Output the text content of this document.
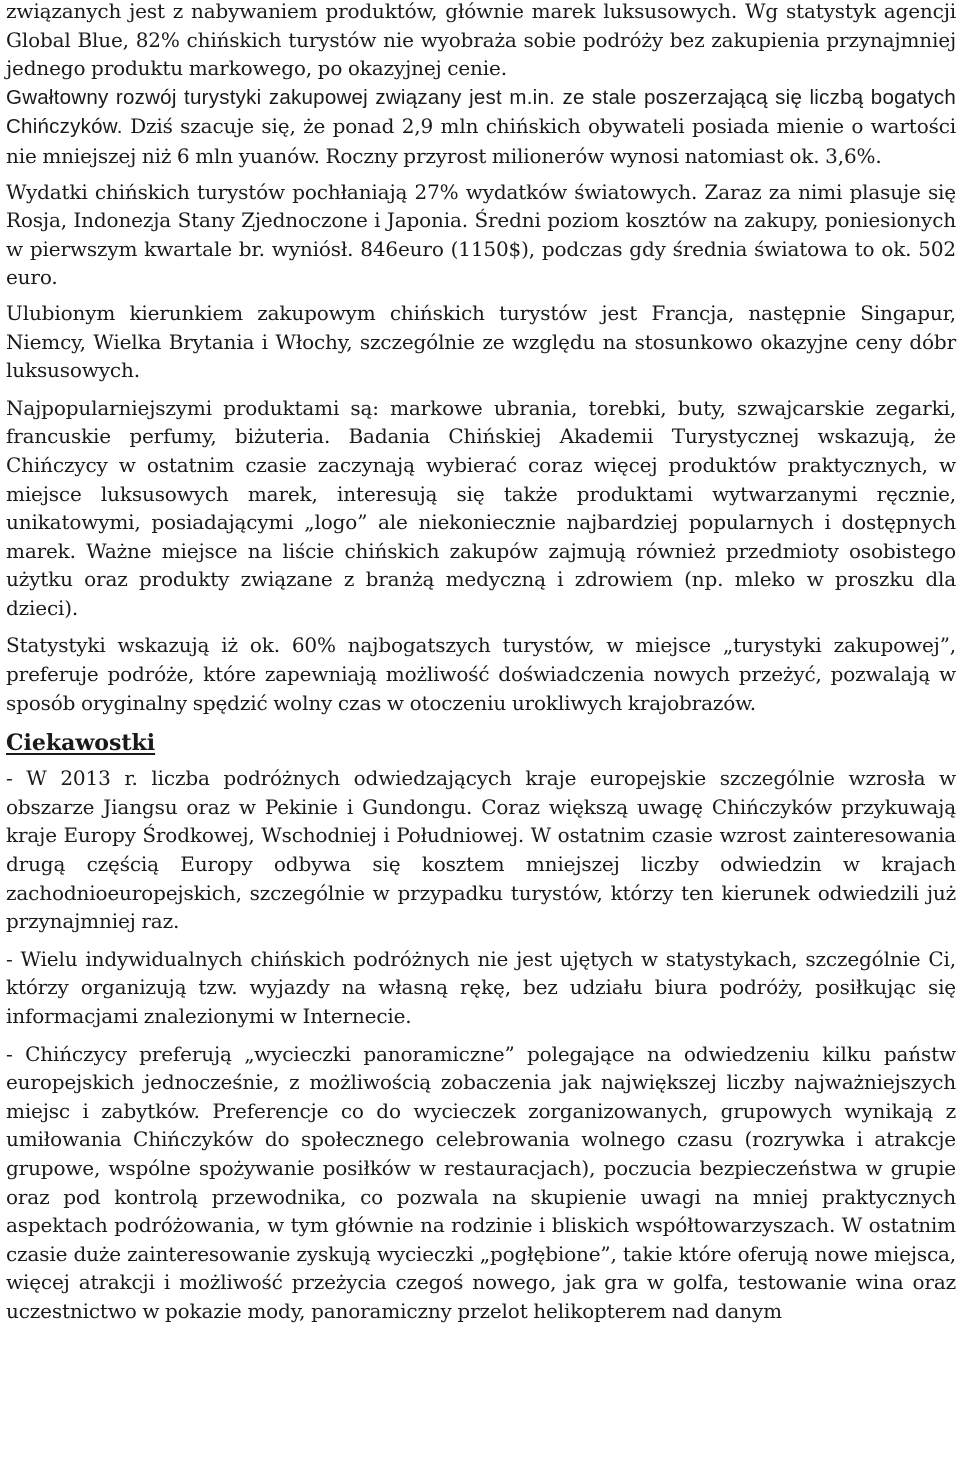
związanych jest z nabywaniem produktów, głównie marek luksusowych. Wg statystyk agencji Global Blue, 82% chińskich turystów nie wyobraża sobie podróży bez zakupienia przynajmniej jednego produktu markowego, po okazyjnej cenie.

Gwałtowny rozwój turystyki zakupowej związany jest m.in. ze stale poszerzającą się liczbą bogatych Chińczyków. Dziś szacuje się, że ponad 2,9 mln chińskich obywateli posiada mienie o wartości nie mniejszej niż 6 mln yuanów. Roczny przyrost milionerów wynosi natomiast ok. 3,6%.

Wydatki chińskich turystów pochłaniają 27% wydatków światowych. Zaraz za nimi plasuje się Rosja, Indonezja Stany Zjednoczone i Japonia. Średni poziom kosztów na zakupy, poniesionych w pierwszym kwartale br. wyniósł. 846euro (1150$), podczas gdy średnia światowa to ok. 502 euro.

Ulubionym kierunkiem zakupowym chińskich turystów jest Francja, następnie Singapur, Niemcy, Wielka Brytania i Włochy, szczególnie ze względu na stosunkowo okazyjne ceny dóbr luksusowych.

Najpopularniejszymi produktami są: markowe ubrania, torebki, buty, szwajcarskie zegarki, francuskie perfumy, biżuteria. Badania Chińskiej Akademii Turystycznej wskazują, że Chińczycy w ostatnim czasie zaczynają wybierać coraz więcej produktów praktycznych, w miejsce luksusowych marek, interesują się także produktami wytwarzanymi ręcznie, unikatowymi, posiadającymi „logo” ale niekoniecznie najbardziej popularnych i dostępnych marek. Ważne miejsce na liście chińskich zakupów zajmują również przedmioty osobistego użytku oraz produkty związane z branżą medyczną i zdrowiem (np. mleko w proszku dla dzieci).

Statystyki wskazują iż ok. 60% najbogatszych turystów, w miejsce „turystyki zakupowej”, preferuje podróże, które zapewniają możliwość doświadczenia nowych przeżyć, pozwalają w sposób oryginalny spędzić wolny czas w otoczeniu urokliwych krajobrazów.

Ciekawostki

- W 2013 r. liczba podróżnych odwiedzających kraje europejskie szczególnie wzrosła w obszarze Jiangsu oraz w Pekinie i Gundongu. Coraz większą uwagę Chińczyków przykuwają kraje Europy Środkowej, Wschodniej i Południowej. W ostatnim czasie wzrost zainteresowania drugą częścią Europy odbywa się kosztem mniejszej liczby odwiedzin w krajach zachodnioeuropejskich, szczególnie w przypadku turystów, którzy ten kierunek odwiedzili już przynajmniej raz.

- Wielu indywidualnych chińskich podróżnych nie jest ujętych w statystykach, szczególnie Ci, którzy organizują tzw. wyjazdy na własną rękę, bez udziału biura podróży, posiłkując się informacjami znalezionymi w Internecie.

- Chińczycy preferują „wycieczki panoramiczne” polegające na odwiedzeniu kilku państw europejskich jednocześnie, z możliwością zobaczenia jak największej liczby najważniejszych miejsc i zabytków. Preferencje co do wycieczek zorganizowanych, grupowych wynikają z umiłowania Chińczyków do społecznego celebrowania wolnego czasu (rozrywka i atrakcje grupowe, wspólne spożywanie posiłków w restauracjach), poczucia bezpieczeństwa w grupie oraz pod kontrolą przewodnika, co pozwala na skupienie uwagi na mniej praktycznych aspektach podróżowania, w tym głównie na rodzinie i bliskich współtowarzyszach. W ostatnim czasie duże zainteresowanie zyskują wycieczki „pogłębione”, takie które oferują nowe miejsca, więcej atrakcji i możliwość przeżycia czegoś nowego, jak gra w golfa, testowanie wina oraz uczestnictwo w pokazie mody, panoramiczny przelot helikopterem nad danym
